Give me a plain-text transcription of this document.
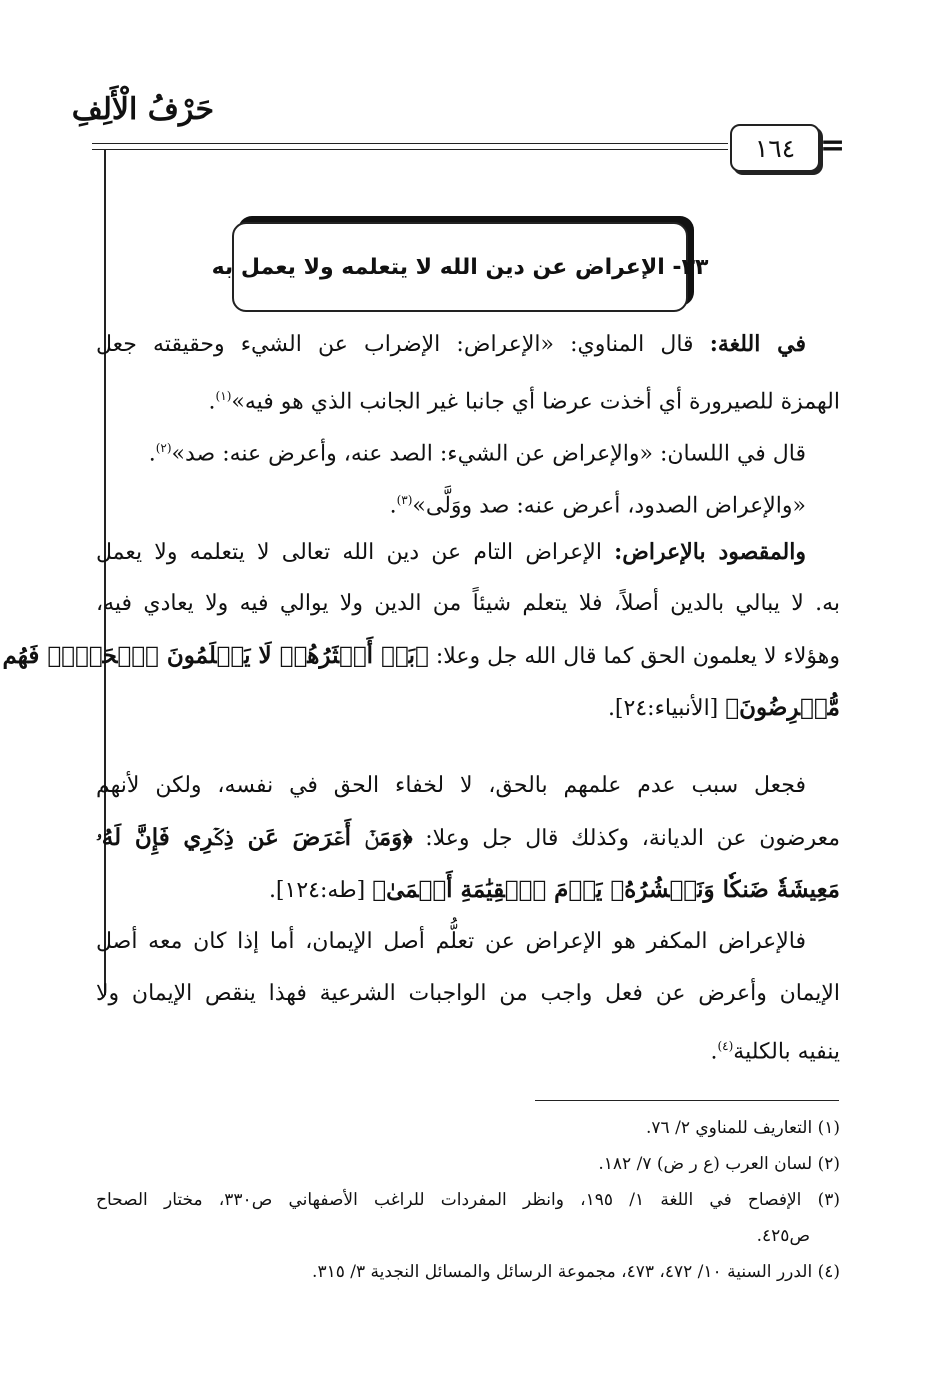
حَرْفُ الْأَلِفِ
١٦٤ =
٣٣- الإعراض عن دين الله لا يتعلمه ولا يعمل به
في اللغة: قال المناوي: «الإعراض: الإضراب عن الشيء وحقيقته جعل
الهمزة للصيرورة أي أخذت عرضا أي جانبا غير الجانب الذي هو فيه»$^{(١)}$.
قال في اللسان: «والإعراض عن الشيء: الصد عنه، وأعرض عنه: صد»$^{(٢)}$.
«والإعراض الصدود، أعرض عنه: صد ووَلَّى»$^{(٣)}$.
والمقصود بالإعراض: الإعراض التام عن دين الله تعالى لا يتعلمه ولا يعمل
به. لا يبالي بالدين أصلاً، فلا يتعلم شيئاً من الدين ولا يوالي فيه ولا يعادي فيه،
وهؤلاء لا يعلمون الحق كما قال الله جل وعلا: ﴿بَلۡ أَكۡثَرُهُمۡ لَا يَعۡلَمُونَ ٱلۡحَقَّۖ فَهُم
مُّعۡرِضُونَ﴾ [الأنبياء:٢٤].
فجعل سبب عدم علمهم بالحق، لا لخفاء الحق في نفسه، ولكن لأنهم
معرضون عن الديانة، وكذلك قال جل وعلا: ﴿وَمَنۡ أَعۡرَضَ عَن ذِكۡرِي فَإِنَّ لَهُۥ
مَعِيشَةٗ ضَنكٗا وَنَحۡشُرُهُۥ يَوۡمَ ٱلۡقِيَٰمَةِ أَعۡمَىٰ﴾ [طه:١٢٤].
فالإعراض المكفر هو الإعراض عن تعلُّم أصل الإيمان، أما إذا كان معه أصل
الإيمان وأعرض عن فعل واجب من الواجبات الشرعية فهذا ينقص الإيمان ولا
ينفيه بالكلية$^{(٤)}$.
(١) التعاريف للمناوي ٢/ ٧٦.
(٢) لسان العرب (ع ر ض) ٧/ ١٨٢.
(٣) الإفصاح في اللغة ١/ ١٩٥، وانظر المفردات للراغب الأصفهاني ص٣٣٠، مختار الصحاح
ص٤٢٥.
(٤) الدرر السنية ١٠/ ٤٧٢، ٤٧٣، مجموعة الرسائل والمسائل النجدية ٣/ ٣١٥.
